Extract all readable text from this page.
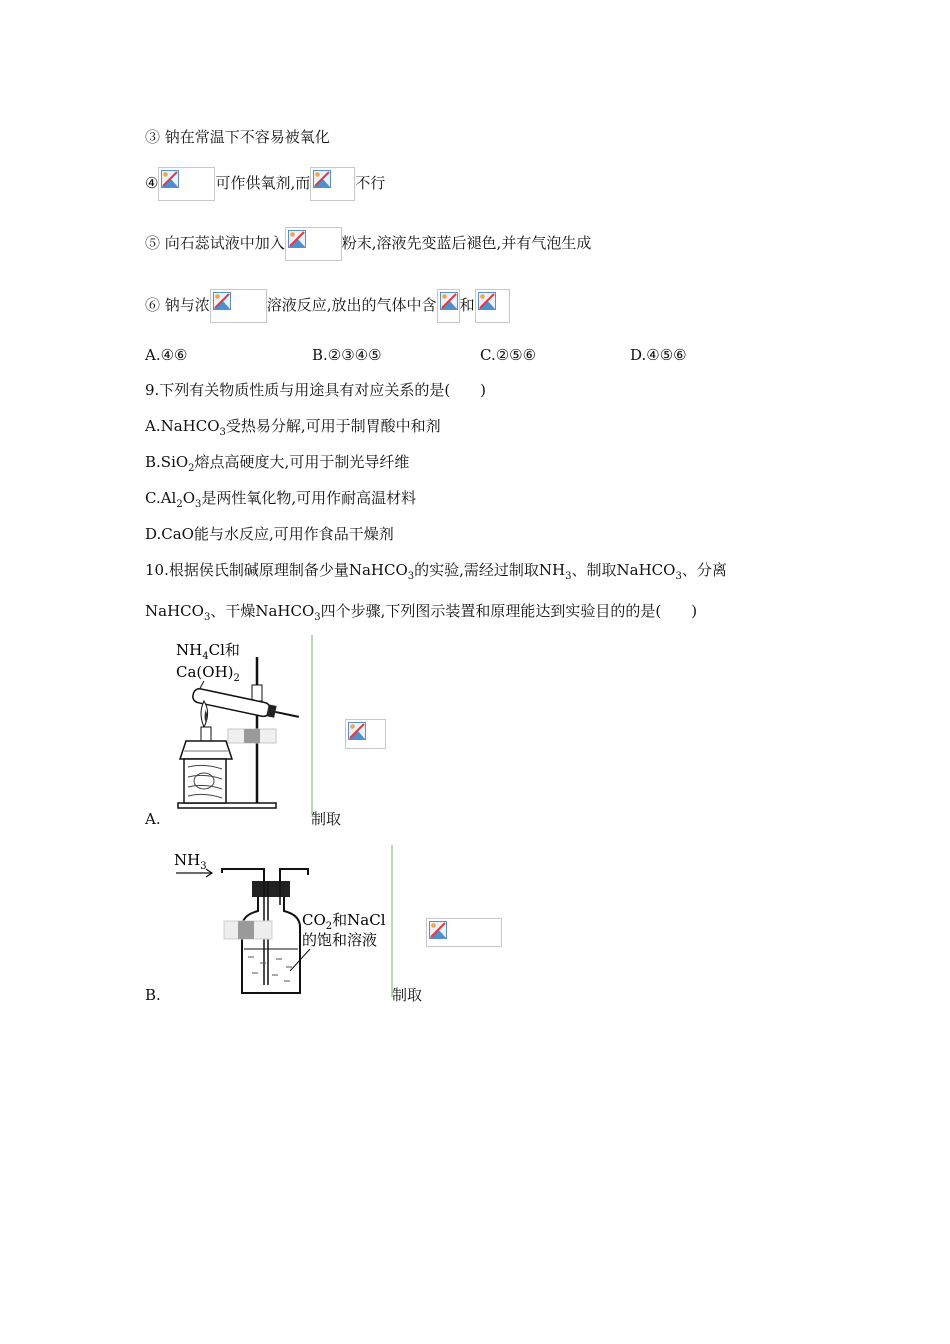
③ 钠在常温下不容易被氧化
④	可作供氧剂,而	不行
⑤ 向石蕊试液中加入	粉末,溶液先变蓝后褪色,并有气泡生成
⑥ 钠与浓	溶液反应,放出的气体中含 和
A.④⑥	B.②③④⑤	C.②⑤⑥	D.④⑤⑥
9.下列有关物质性质与用途具有对应关系的是(　　)
A.NaHCO$_3$受热易分解,可用于制胃酸中和剂
B.SiO$_2$熔点高硬度大,可用于制光导纤维
$C.Al_2O_3$是两性氧化物,可用作耐高温材料
D.CaO能与水反应,可用作食品干燥剂
10.根据侯氏制碱原理制备少量NaHCO$_3$的实验,需经过制取$NH_3$、制取NaHCO$_3$、分离
NaHCO$_3$、干燥NaHCO$_3$四个步骤,下列图示装置和原理能达到实验目的的是(　　)
$NH_4Cl$和
$Ca(OH)_2$
A.	制取
$NH_3$
$CO_2$和NaCl
的饱和溶液
B.	制取
